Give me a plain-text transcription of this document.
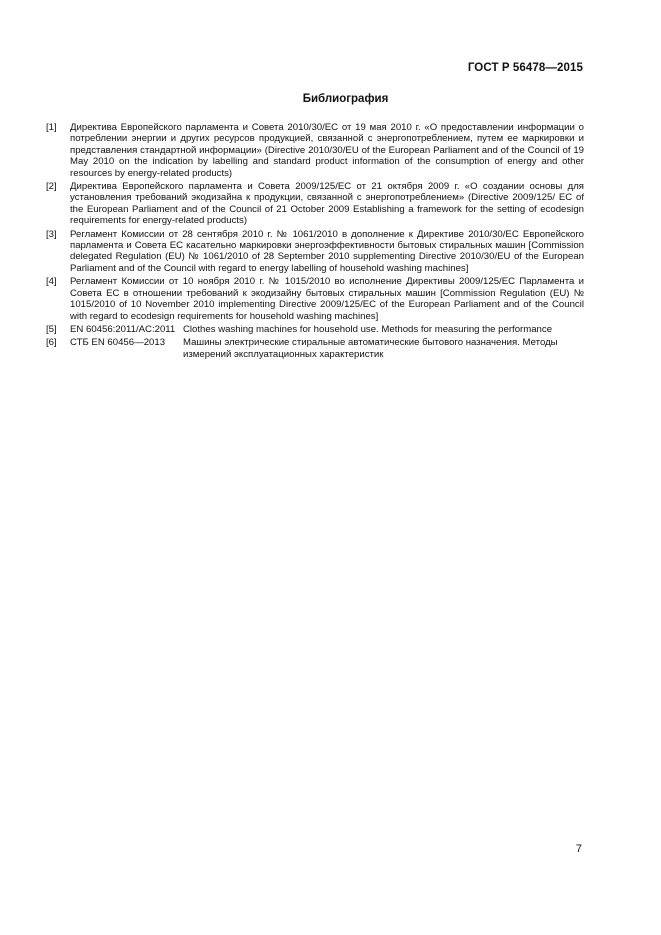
ГОСТ Р 56478—2015
Библиография
[1]	Директива Европейского парламента и Совета 2010/30/ЕС от 19 мая 2010 г. «О предоставлении информации о потреблении энергии и других ресурсов продукцией, связанной с энергопотреблением, путем ее маркировки и представления стандартной информации» (Directive 2010/30/EU of the European Parliament and of the Council of 19 May 2010 on the indication by labelling and standard product information of the consumption of energy and other resources by energy-related products)
[2]	Директива Европейского парламента и Совета 2009/125/ЕС от 21 октября 2009 г. «О создании основы для установления требований экодизайна к продукции, связанной с энергопотреблением» (Directive 2009/125/ ЕС of the European Parliament and of the Council of 21 October 2009 Establishing a framework for the setting of ecodesign requirements for energy-related products)
[3]	Регламент Комиссии от 28 сентября 2010 г. № 1061/2010 в дополнение к Директиве 2010/30/ЕС Европейского парламента и Совета ЕС касательно маркировки энергоэффективности бытовых стиральных машин [Commission delegated Regulation (EU) № 1061/2010 of 28 September 2010 supplementing Directive 2010/30/EU of the European Parliament and of the Council with regard to energy labelling of household washing machines]
[4]	Регламент Комиссии от 10 ноября 2010 г. № 1015/2010 во исполнение Директивы 2009/125/ЕС Парламента и Совета ЕС в отношении требований к экодизайну бытовых стиральных машин [Commission Regulation (EU) № 1015/2010 of 10 November 2010 implementing Directive 2009/125/ЕС of the European Parliament and of the Council with regard to ecodesign requirements for household washing machines]
[5]	EN 60456:2011/AC:2011 Clothes washing machines for household use. Methods for measuring the performance
[6]	СТБ EN 60456—2013	Машины электрические стиральные автоматические бытового назначения. Методы измерений эксплуатационных характеристик
7
